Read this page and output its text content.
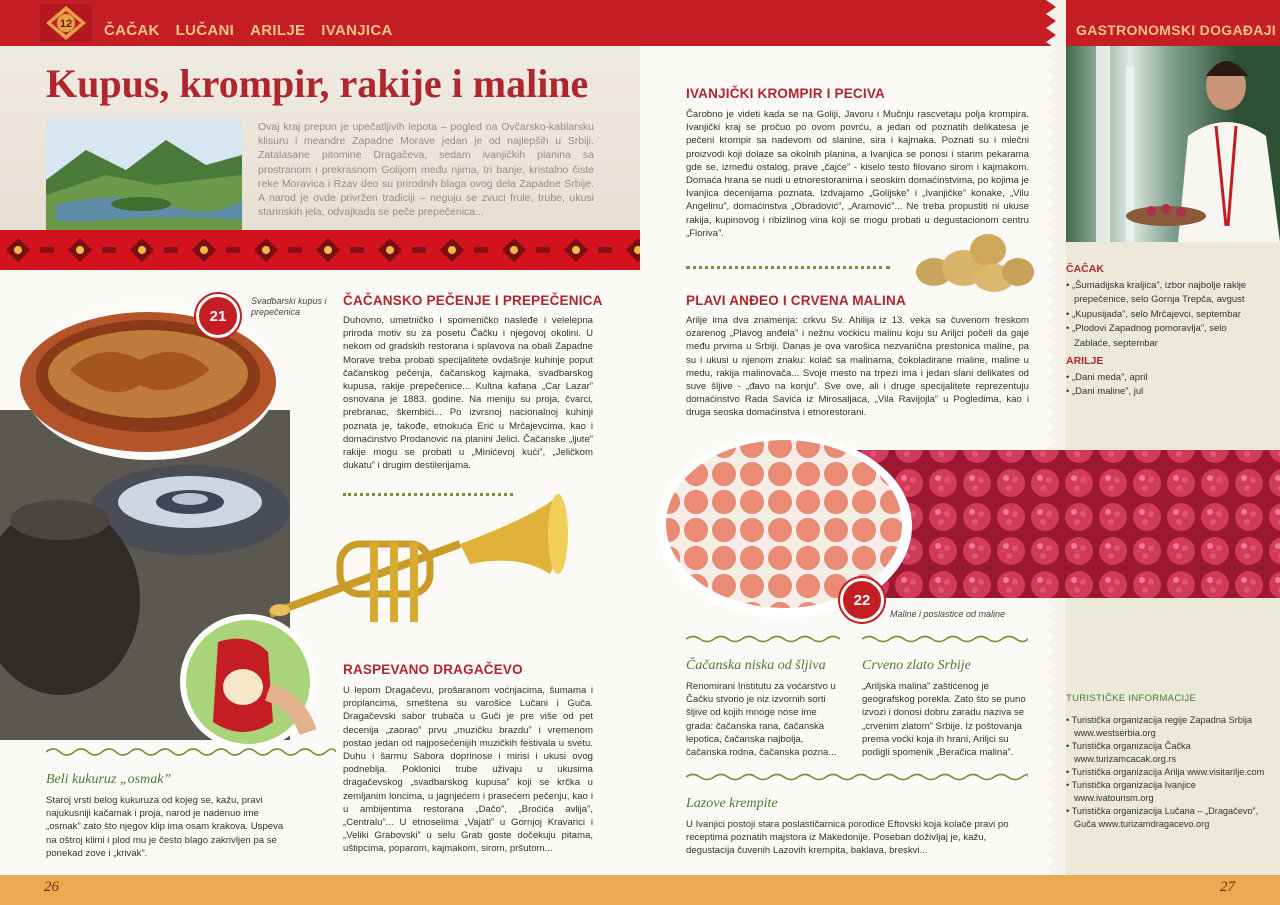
12 ČAČAK LUČANI ARILJE IVANJICA	GASTRONOMSKI DOGAĐAJI
Kupus, krompir, rakije i maline

Ovaj kraj prepun je upečatljivih lepota – pogled na Ovčarsko-kablarsku klisuru i meandre Zapadne Morave jedan je od najlepših u Srbiji. Zatalasane pitomine Dragačeva, sedam ivanjičkih planina sa prostranom i prekrasnom Golijom među njima, tri banje, kristalno čiste reke Moravica i Rzav deo su prirodnih blaga ovog dela Zapadne Srbije. A narod je ovde privržen tradiciji – neguju se zvuci frule, trube, ukusi starinskih jela, odvajkada se peče prepečenica...

21

Svadbarski kupus i prepečenica

ČAČANSKO PEČENJE I PREPEČENICA

Duhovno, umetničko i spomeničko nasleđe i velelepna priroda motiv su za posetu Čačku i njegovoj okolini. U nekom od gradskih restorana i splavova na obali Zapadne Morave treba probati specijalitete ovdašnje kuhinje poput čačanskog pečenja, čačanskog kajmaka, svadbarskog kupusa, rakije prepečenice... Kultna kafana „Car Lazar” osnovana je 1883. godine. Na meniju su proja, čvarci, prebranac, škembići... Po izvrsnoj nacionalnoj kuhinji poznata je, takođe, etnokuća Erić u Mrčajevcima, kao i domaćinstvo Prodanović na planini Jelici. Čačanske „ljute” rakije mogu se probati u „Minićevoj kući”, „Jeličkom dukatu” i drugim destilerijama.

RASPEVANO DRAGAČEVO

U lepom Dragačevu, prošaranom voćnjacima, šumama i proplancima, smeštena su varošice Lučani i Guča. Dragačevski sabor trubača u Guči je pre više od pet decenija „zaorao” prvu „muzičku brazdu” i vremenom postao jedan od najposećenijih muzičkih festivala u svetu. Duhu i šarmu Sabora doprinose i mirisi i ukusi ovog podneblja. Poklonici trube uživaju u ukusima dragačevskog „svadbarskog kupusa” koji se krčka u zemljanim loncima, u jagnjećem i prasećem pečenju, kao i u ambijentima restorana „Dačo”, „Broćića avlija”,„Centralu”... U etnoselima „Vajati” u Gornjoj Kravarici i „Veliki Grabovski” u selu Grab goste dočekuju pitama, uštipcima, poparom, kajmakom, sirom, pršutom...

Beli kukuruz „osmak”

Staroj vrsti belog kukuruza od kojeg se, kažu, pravi najukusniji kačamak i proja, narod je nadenuo ime „osmak” zato što njegov klip ima osam krakova. Uspeva na oštroj klimi i plod mu je često blago zakrivljen pa se ponekad zove i „krivak”.

IVANJIČKI KROMPIR I PECIVA

Čarobno je videti kada se na Goliji, Javoru i Mučnju rascvetaju polja krompira. Ivanjički kraj se pročuo po ovom povrću, a jedan od poznatih delikatesa je pečeni krompir sa nadevom od slanine, sira i kajmaka. Poznati su i mlečni proizvodi koji dolaze sa okolnih planina, a Ivanjica se ponosi i starim pekarama gde se, između ostalog, prave „čajće” - kiselo testo filovano sirom i kajmakom. Domaća hrana se nudi u etnorestoranima i seoskim domaćinstvima, po kojima je Ivanjica decenijama poznata. Izdvajamo „Golijske” i „Ivanjičke” konake, „Vilu Angelinu”, domaćinstva „Obradović”, „Aramović”... Ne treba propustiti ni ukuse rakija, kupinovog i ribizlinog vina koji se mogu probati u degustacionom centru „Floriva”.

PLAVI ANĐEO I CRVENA MALINA

Arilje ima dva znamenja: crkvu Sv. Ahilija iz 13. veka sa čuvenom freskom ozarenog „Plavog anđela” i nežnu voćkicu malinu koju su Ariljci počeli da gaje među prvima u Srbiji. Danas je ova varošica nezvanična prestonica maline, pa su i ukusi u njenom znaku: kolač sa malinama, čokoladirane maline, maline u medu, rakija malinovača... Svoje mesto na trpezi ima i jedan slani delikates od suve šljive - „đavo na konju”. Sve ove, ali i druge specijalitete reprezentuju domaćinstvo Rada Savića iz Mirosaljaca, „Vila Ravijojla” u Pogledima, kao i druga seoska domaćinstva i etnorestorani.

22

Maline i poslastice od maline

Čačanska niska od šljiva

Renomirani Institutu za voćarstvo u Čačku stvorio je niz izvornih sorti šljive od kojih mnoge nose ime grada: čačanska rana, čačanska lepotica, čačanska najbolja, čačanska rodna, čačanska pozna...

Crveno zlato Srbije

„Ariljska malina” zaštićenog je geografskog porekla. Zato što se puno izvozi i donosi dobru zaradu naziva se „crvenim zlatom” Srbije. Iz poštovanja prema voćki koja ih hrani, Ariljci su podigli spomenik „Beračica malina”.

Lazove krempite

U Ivanjici postoji stara poslastičarnica porodice Eftovski koja kolače pravi po receptima poznatih majstora iz Makedonije. Poseban doživljaj je, kažu, degustacija čuvenih Lazovih krempita, baklava, breskvi...

ČAČAK

• „Šumadijska kraljica”, izbor najbolje rakije prepečenice, selo Gornja Trepča, avgust
• „Kupusijada”, selo Mrčajevci, septembar
• „Plodovi Zapadnog pomoravlja”, selo Zablaće, septembar

ARILJE

• „Dani meda”, april
• „Dani maline”, jul

TURISTIČKE INFORMACIJE

• Turistička organizacija regije Zapadna Srbija www.westserbia.org
• Turistička organizacija Čačka www.turizamcacak.org.rs
• Turistička organizacija Arilja www.visitarilje.com
• Turistička organizacija Ivanjice www.ivatourism.org
• Turistička organizacija Lučana – „Dragačevo”, Guča www.turizamdragacevo.org
26	27
